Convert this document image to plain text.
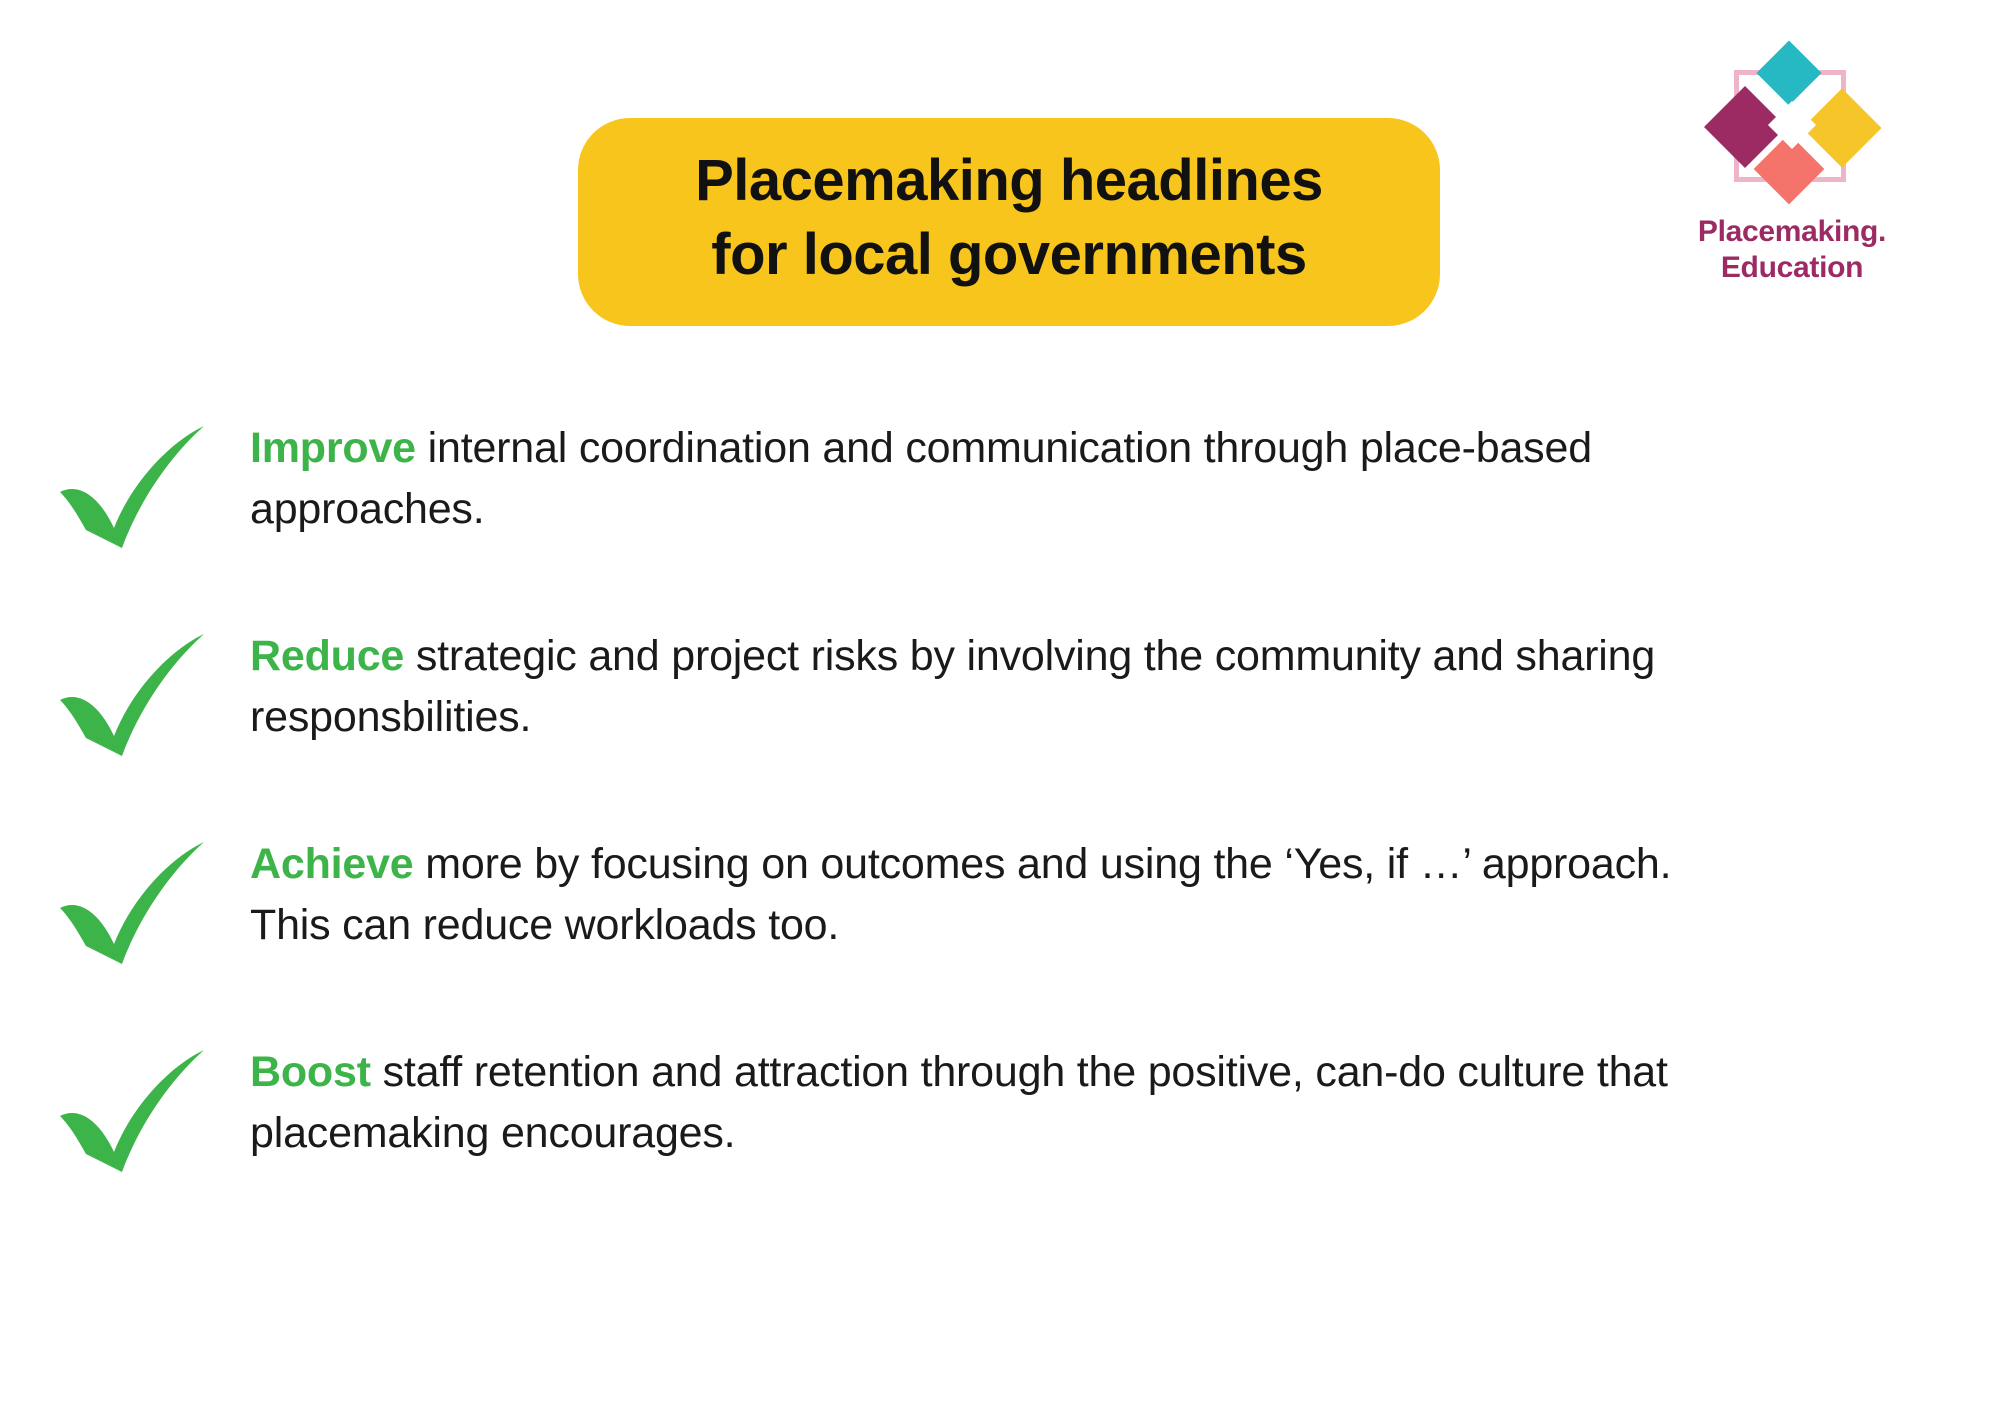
Placemaking.
Education
Placemaking headlines
for local governments
Improve internal coordination and communication through place-based approaches.
Reduce strategic and project risks by involving the community and sharing responsbilities.
Achieve more by focusing on outcomes and using the ‘Yes, if …’ approach. This can reduce workloads too.
Boost staff retention and attraction through the positive, can-do culture that placemaking encourages.
